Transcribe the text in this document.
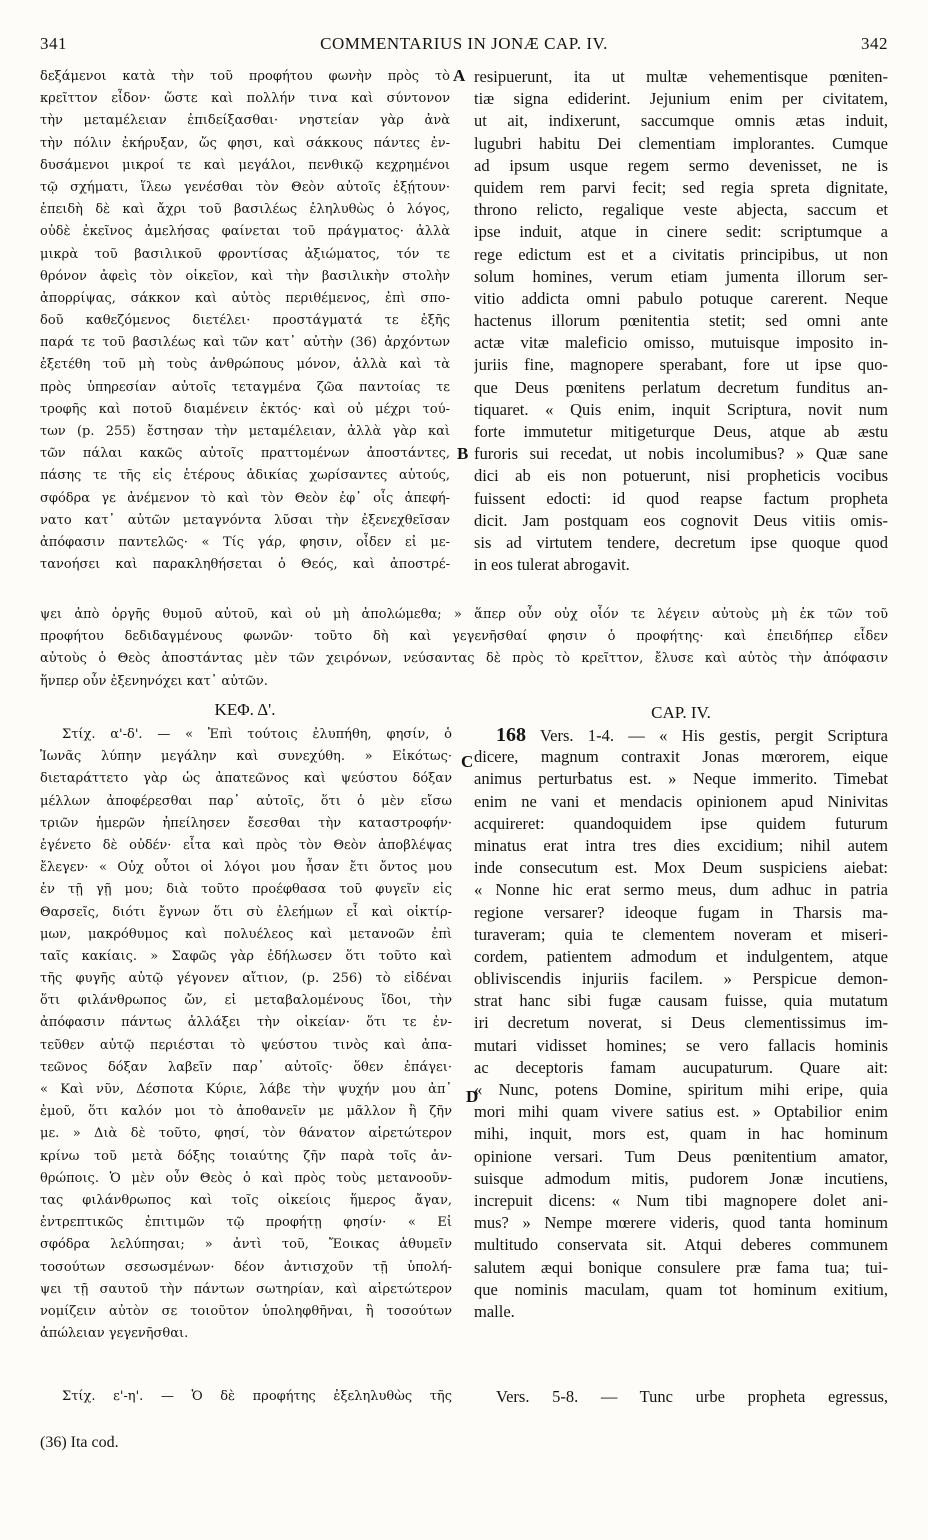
341	COMMENTARIUS IN JONÆ CAP. IV.	342
δεξάμενοι κατὰ τὴν τοῦ προφήτου φωνὴν πρὸς τὸ
κρεῖττον εἶδον· ὥστε καὶ πολλήν τινα καὶ σύντονον
τὴν μεταμέλειαν ἐπιδείξασθαι· νηστείαν γὰρ ἀνὰ
τὴν πόλιν ἐκήρυξαν, ὥς φησι, καὶ σάκκους πάντες ἐν-
δυσάμενοι μικροί τε καὶ μεγάλοι, πενθικῷ κεχρημένοι
τῷ σχήματι, ἵλεω γενέσθαι τὸν Θεὸν αὐτοῖς ἐξῄτουν·
ἐπειδὴ δὲ καὶ ἄχρι τοῦ βασιλέως ἐληλυθὼς ὁ λόγος,
οὐδὲ ἐκεῖνος ἀμελήσας φαίνεται τοῦ πράγματος· ἀλλὰ
μικρὰ τοῦ βασιλικοῦ φροντίσας ἀξιώματος, τόν τε
θρόνον ἀφεὶς τὸν οἰκεῖον, καὶ τὴν βασιλικὴν στολὴν
ἀπορρίψας, σάκκον καὶ αὐτὸς περιθέμενος, ἐπὶ σπο-
δοῦ καθεζόμενος διετέλει· προστάγματά τε ἑξῆς
παρά τε τοῦ βασιλέως καὶ τῶν κατ᾽ αὐτὴν (36) ἀρχόντων
ἐξετέθη τοῦ μὴ τοὺς ἀνθρώπους μόνον, ἀλλὰ καὶ τὰ
πρὸς ὑπηρεσίαν αὐτοῖς τεταγμένα ζῶα παντοίας τε
τροφῆς καὶ ποτοῦ διαμένειν ἐκτός· καὶ οὐ μέχρι τού-
των (p. 255) ἔστησαν τὴν μεταμέλειαν, ἀλλὰ γὰρ καὶ
τῶν πάλαι κακῶς αὐτοῖς πραττομένων ἀποστάντες,
πάσης τε τῆς εἰς ἑτέρους ἀδικίας χωρίσαντες αὑτούς,
σφόδρα γε ἀνέμενον τὸ καὶ τὸν Θεὸν ἐφ᾽ οἷς ἀπεφή-
νατο κατ᾽ αὐτῶν μεταγνόντα λῦσαι τὴν ἐξενεχθεῖσαν
ἀπόφασιν παντελῶς· « Τίς γάρ, φησιν, οἶδεν εἰ με-
τανοήσει καὶ παρακληθήσεται ὁ Θεός, καὶ ἀποστρέ-
resipuerunt, ita ut multæ vehementisque pœniten-
tiæ signa ediderint. Jejunium enim per civitatem,
ut ait, indixerunt, saccumque omnis ætas induit,
lugubri habitu Dei clementiam implorantes. Cumque
ad ipsum usque regem sermo devenisset, ne is
quidem rem parvi fecit; sed regia spreta dignitate,
throno relicto, regalique veste abjecta, saccum et
ipse induit, atque in cinere sedit: scriptumque a
rege edictum est et a civitatis principibus, ut non
solum homines, verum etiam jumenta illorum ser-
vitio addicta omni pabulo potuque carerent. Neque
hactenus illorum pœnitentia stetit; sed omni ante
actæ vitæ maleficio omisso, mutuisque imposito in-
juriis fine, magnopere sperabant, fore ut ipse quo-
que Deus pœnitens perlatum decretum funditus an-
tiquaret. « Quis enim, inquit Scriptura, novit num
forte immutetur mitigeturque Deus, atque ab æstu
furoris sui recedat, ut nobis incolumibus? » Quæ sane
dici ab eis non potuerunt, nisi propheticis vocibus
fuissent edocti: id quod reapse factum propheta
dicit. Jam postquam eos cognovit Deus vitiis omis-
sis ad virtutem tendere, decretum ipse quoque quod
in eos tulerat abrogavit.
A
B
C
D
ψει ἀπὸ ὀργῆς θυμοῦ αὐτοῦ, καὶ οὐ μὴ ἀπολώμεθα; » ἅπερ οὖν οὐχ οἷόν τε λέγειν αὐτοὺς μὴ ἐκ τῶν τοῦ
προφήτου δεδιδαγμένους φωνῶν· τοῦτο δὴ καὶ γεγενῆσθαί φησιν ὁ προφήτης· καὶ ἐπειδήπερ εἶδεν
αὐτοὺς ὁ Θεὸς ἀποστάντας μὲν τῶν χειρόνων, νεύσαντας δὲ πρὸς τὸ κρεῖττον, ἔλυσε καὶ αὐτὸς τὴν ἀπόφασιν
ἥνπερ οὖν ἐξενηνόχει κατ᾽ αὐτῶν.
ΚΕΦ. Δ'.	CAP. IV.
Στίχ. α'-δ'. — « Ἐπὶ τούτοις ἐλυπήθη, φησίν, ὁ
Ἰωνᾶς λύπην μεγάλην καὶ συνεχύθη. » Εἰκότως·
διεταράττετο γὰρ ὡς ἀπατεῶνος καὶ ψεύστου δόξαν
μέλλων ἀποφέρεσθαι παρ᾽ αὐτοῖς, ὅτι ὁ μὲν εἴσω
τριῶν ἡμερῶν ἠπείλησεν ἔσεσθαι τὴν καταστροφήν·
ἐγένετο δὲ οὐδέν· εἶτα καὶ πρὸς τὸν Θεὸν ἀποβλέψας
ἔλεγεν· « Οὐχ οὗτοι οἱ λόγοι μου ἦσαν ἔτι ὄντος μου
ἐν τῇ γῇ μου; διὰ τοῦτο προέφθασα τοῦ φυγεῖν εἰς
Θαρσεῖς, διότι ἔγνων ὅτι σὺ ἐλεήμων εἶ καὶ οἰκτίρ-
μων, μακρόθυμος καὶ πολυέλεος καὶ μετανοῶν ἐπὶ
ταῖς κακίαις. » Σαφῶς γὰρ ἐδήλωσεν ὅτι τοῦτο καὶ
τῆς φυγῆς αὐτῷ γέγονεν αἴτιον, (p. 256) τὸ εἰδέναι
ὅτι φιλάνθρωπος ὤν, εἰ μεταβαλομένους ἴδοι, τὴν
ἀπόφασιν πάντως ἀλλάξει τὴν οἰκείαν· ὅτι τε ἐν-
τεῦθεν αὐτῷ περιέσται τὸ ψεύστου τινὸς καὶ ἀπα-
τεῶνος δόξαν λαβεῖν παρ᾽ αὐτοῖς· ὅθεν ἐπάγει·
« Καὶ νῦν, Δέσποτα Κύριε, λάβε τὴν ψυχήν μου ἀπ᾽
ἐμοῦ, ὅτι καλόν μοι τὸ ἀποθανεῖν με μᾶλλον ἢ ζῆν
με. » Διὰ δὲ τοῦτο, φησί, τὸν θάνατον αἱρετώτερον
κρίνω τοῦ μετὰ δόξης τοιαύτης ζῆν παρὰ τοῖς ἀν-
θρώποις. Ὁ μὲν οὖν Θεὸς ὁ καὶ πρὸς τοὺς μετανοοῦν-
τας φιλάνθρωπος καὶ τοῖς οἰκείοις ἥμερος ἄγαν,
ἐντρεπτικῶς ἐπιτιμῶν τῷ προφήτῃ φησίν· « Εἰ
σφόδρα λελύπησαι; » ἀντὶ τοῦ, Ἔοικας ἀθυμεῖν
τοσούτων σεσωσμένων· δέον ἀντισχοῦν τῇ ὑπολή-
ψει τῇ σαυτοῦ τὴν πάντων σωτηρίαν, καὶ αἱρετώτερον
νομίζειν αὐτὸν σε τοιοῦτον ὑποληφθῆναι, ἢ τοσούτων
ἀπώλειαν γεγενῆσθαι.
168 Vers. 1-4. — « His gestis, pergit Scriptura
dicere, magnum contraxit Jonas mœrorem, eique
animus perturbatus est. » Neque immerito. Timebat
enim ne vani et mendacis opinionem apud Ninivitas
acquireret: quandoquidem ipse quidem futurum
minatus erat intra tres dies excidium; nihil autem
inde consecutum est. Mox Deum suspiciens aiebat:
« Nonne hic erat sermo meus, dum adhuc in patria
regione versarer? ideoque fugam in Tharsis ma-
turaveram; quia te clementem noveram et miseri-
cordem, patientem admodum et indulgentem, atque
obliviscendis injuriis facilem. » Perspicue demon-
strat hanc sibi fugæ causam fuisse, quia mutatum
iri decretum noverat, si Deus clementissimus im-
mutari vidisset homines; se vero fallacis hominis
ac deceptoris famam aucupaturum. Quare ait:
« Nunc, potens Domine, spiritum mihi eripe, quia
mori mihi quam vivere satius est. » Optabilior enim
mihi, inquit, mors est, quam in hac hominum
opinione versari. Tum Deus pœnitentium amator,
suisque admodum mitis, pudorem Jonæ incutiens,
increpuit dicens: « Num tibi magnopere dolet ani-
mus? » Nempe mœrere videris, quod tanta hominum
multitudo conservata sit. Atqui deberes communem
salutem æqui bonique consulere præ fama tua; tui-
que nominis maculam, quam tot hominum exitium,
malle.
Στίχ. ε'-η'. — Ὁ δὲ προφήτης ἐξεληλυθὼς τῆς	Vers. 5-8. — Tunc urbe propheta egressus,
(36) Ita cod.
